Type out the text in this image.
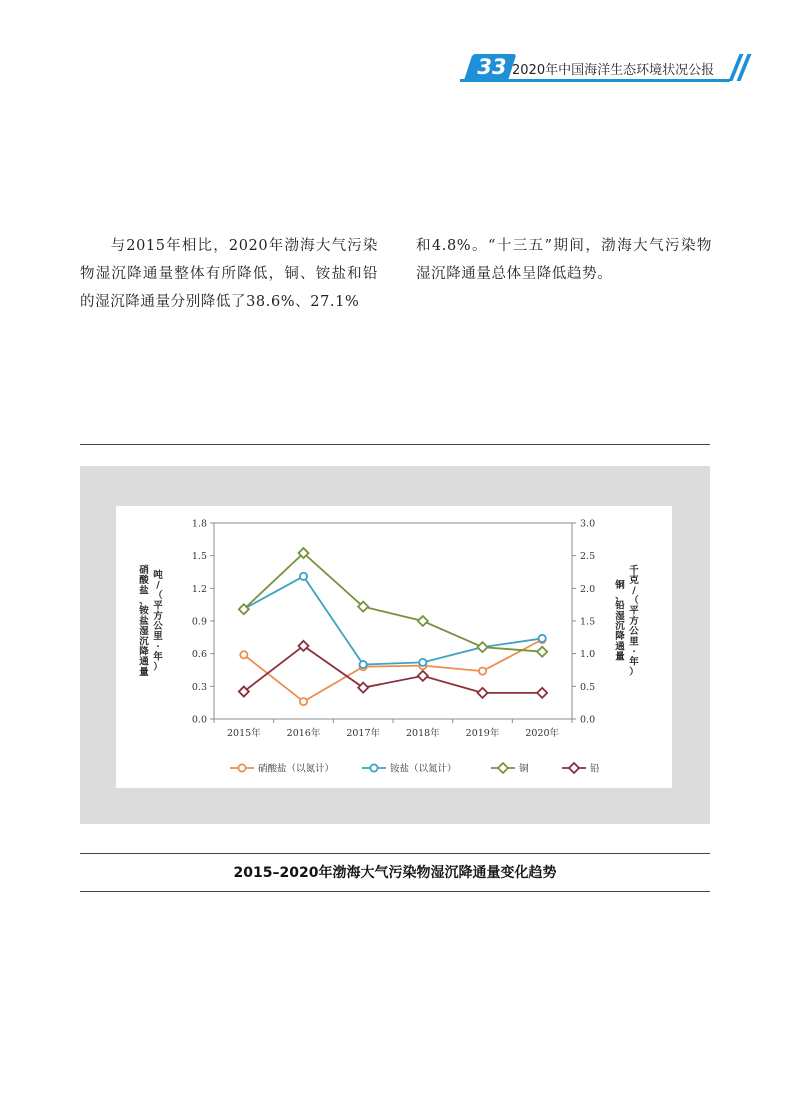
33 2020年中国海洋生态环境状况公报
与2015年相比，2020年渤海大气污染物湿沉降通量整体有所降低，铜、铵盐和铅的湿沉降通量分别降低了38.6%、27.1%
和4.8%。“十三五”期间，渤海大气污染物湿沉降通量总体呈降低趋势。
0.0
0.3
0.6
0.9
1.2
1.5
1.8
0.0
0.5
1.0
1.5
2.0
2.5
3.0
2015年	2016年	2017年	2018年	2019年	2020年
吨/（平方公里·年）
硝酸盐、铵盐湿沉降通量
千克/（平方公里·年）
铜、铅湿沉降通量
硝酸盐（以氮计）	铵盐（以氮计）	铜	铅
2015–2020年渤海大气污染物湿沉降通量变化趋势
